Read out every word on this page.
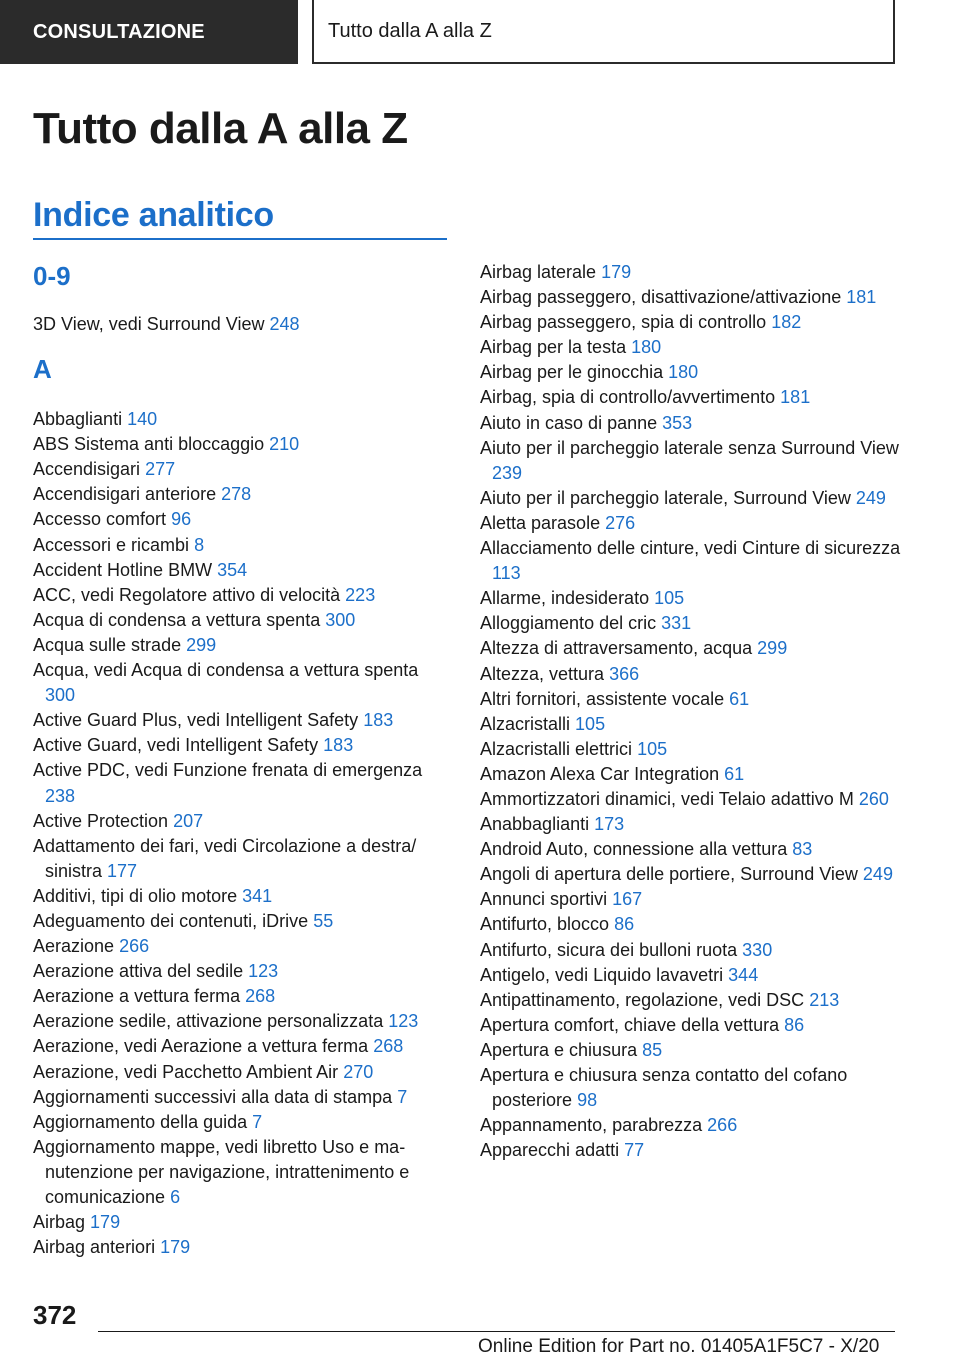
CONSULTAZIONE	Tutto dalla A alla Z
Tutto dalla A alla Z
Indice analitico
0-9
3D View, vedi Surround View 248
A
Abbaglianti 140
ABS Sistema anti bloccaggio 210
Accendisigari 277
Accendisigari anteriore 278
Accesso comfort 96
Accessori e ricambi 8
Accident Hotline BMW 354
ACC, vedi Regolatore attivo di velocità 223
Acqua di condensa a vettura spenta 300
Acqua sulle strade 299
Acqua, vedi Acqua di condensa a vettura spenta 300
Active Guard Plus, vedi Intelligent Safety 183
Active Guard, vedi Intelligent Safety 183
Active PDC, vedi Funzione frenata di emergenza 238
Active Protection 207
Adattamento dei fari, vedi Circolazione a destra/ sinistra 177
Additivi, tipi di olio motore 341
Adeguamento dei contenuti, iDrive 55
Aerazione 266
Aerazione attiva del sedile 123
Aerazione a vettura ferma 268
Aerazione sedile, attivazione personalizzata 123
Aerazione, vedi Aerazione a vettura ferma 268
Aerazione, vedi Pacchetto Ambient Air 270
Aggiornamenti successivi alla data di stampa 7
Aggiornamento della guida 7
Aggiornamento mappe, vedi libretto Uso e manutenzione per navigazione, intrattenimento e comunicazione 6
Airbag 179
Airbag anteriori 179
Airbag laterale 179
Airbag passeggero, disattivazione/attivazione 181
Airbag passeggero, spia di controllo 182
Airbag per la testa 180
Airbag per le ginocchia 180
Airbag, spia di controllo/avvertimento 181
Aiuto in caso di panne 353
Aiuto per il parcheggio laterale senza Surround View 239
Aiuto per il parcheggio laterale, Surround View 249
Aletta parasole 276
Allacciamento delle cinture, vedi Cinture di sicurezza 113
Allarme, indesiderato 105
Alloggiamento del cric 331
Altezza di attraversamento, acqua 299
Altezza, vettura 366
Altri fornitori, assistente vocale 61
Alzacristalli 105
Alzacristalli elettrici 105
Amazon Alexa Car Integration 61
Ammortizzatori dinamici, vedi Telaio adattivo M 260
Anabbaglianti 173
Android Auto, connessione alla vettura 83
Angoli di apertura delle portiere, Surround View 249
Annunci sportivi 167
Antifurto, blocco 86
Antifurto, sicura dei bulloni ruota 330
Antigelo, vedi Liquido lavavetri 344
Antipattinamento, regolazione, vedi DSC 213
Apertura comfort, chiave della vettura 86
Apertura e chiusura 85
Apertura e chiusura senza contatto del cofano posteriore 98
Appannamento, parabrezza 266
Apparecchi adatti 77
372
Online Edition for Part no. 01405A1F5C7 - X/20
